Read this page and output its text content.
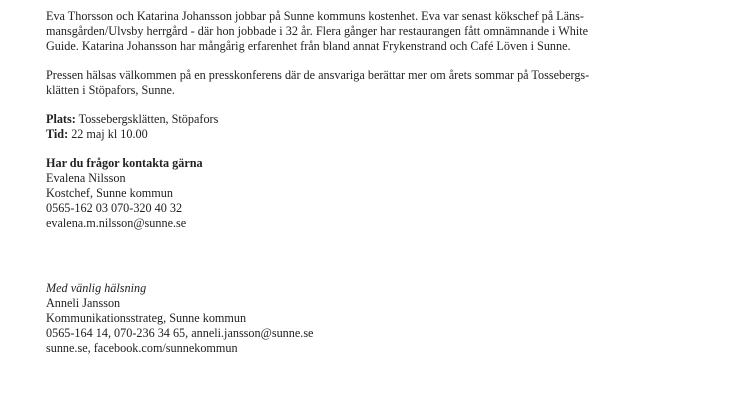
Eva Thorsson och Katarina Johansson jobbar på Sunne kommuns kostenhet. Eva var senast kökschef på Läns-

mansgården/Ulvsby herrgård - där hon jobbade i 32 år. Flera gånger har restaurangen fått omnämnande i White

Guide. Katarina Johansson har mångårig erfarenhet från bland annat Frykenstrand och Café Löven i Sunne.

Pressen hälsas välkommen på en presskonferens där de ansvariga berättar mer om årets sommar på Tossebergs-

klätten i Stöpafors, Sunne.

Plats: Tossebergsklätten, Stöpafors

Tid: 22 maj kl 10.00

Har du frågor kontakta gärna

Evalena Nilsson

Kostchef, Sunne kommun

0565-162 03 070-320 40 32

evalena.m.nilsson@sunne.se

Med vänlig hälsning

Anneli Jansson

Kommunikationsstrateg, Sunne kommun

0565-164 14, 070-236 34 65, anneli.jansson@sunne.se

sunne.se, facebook.com/sunnekommun
